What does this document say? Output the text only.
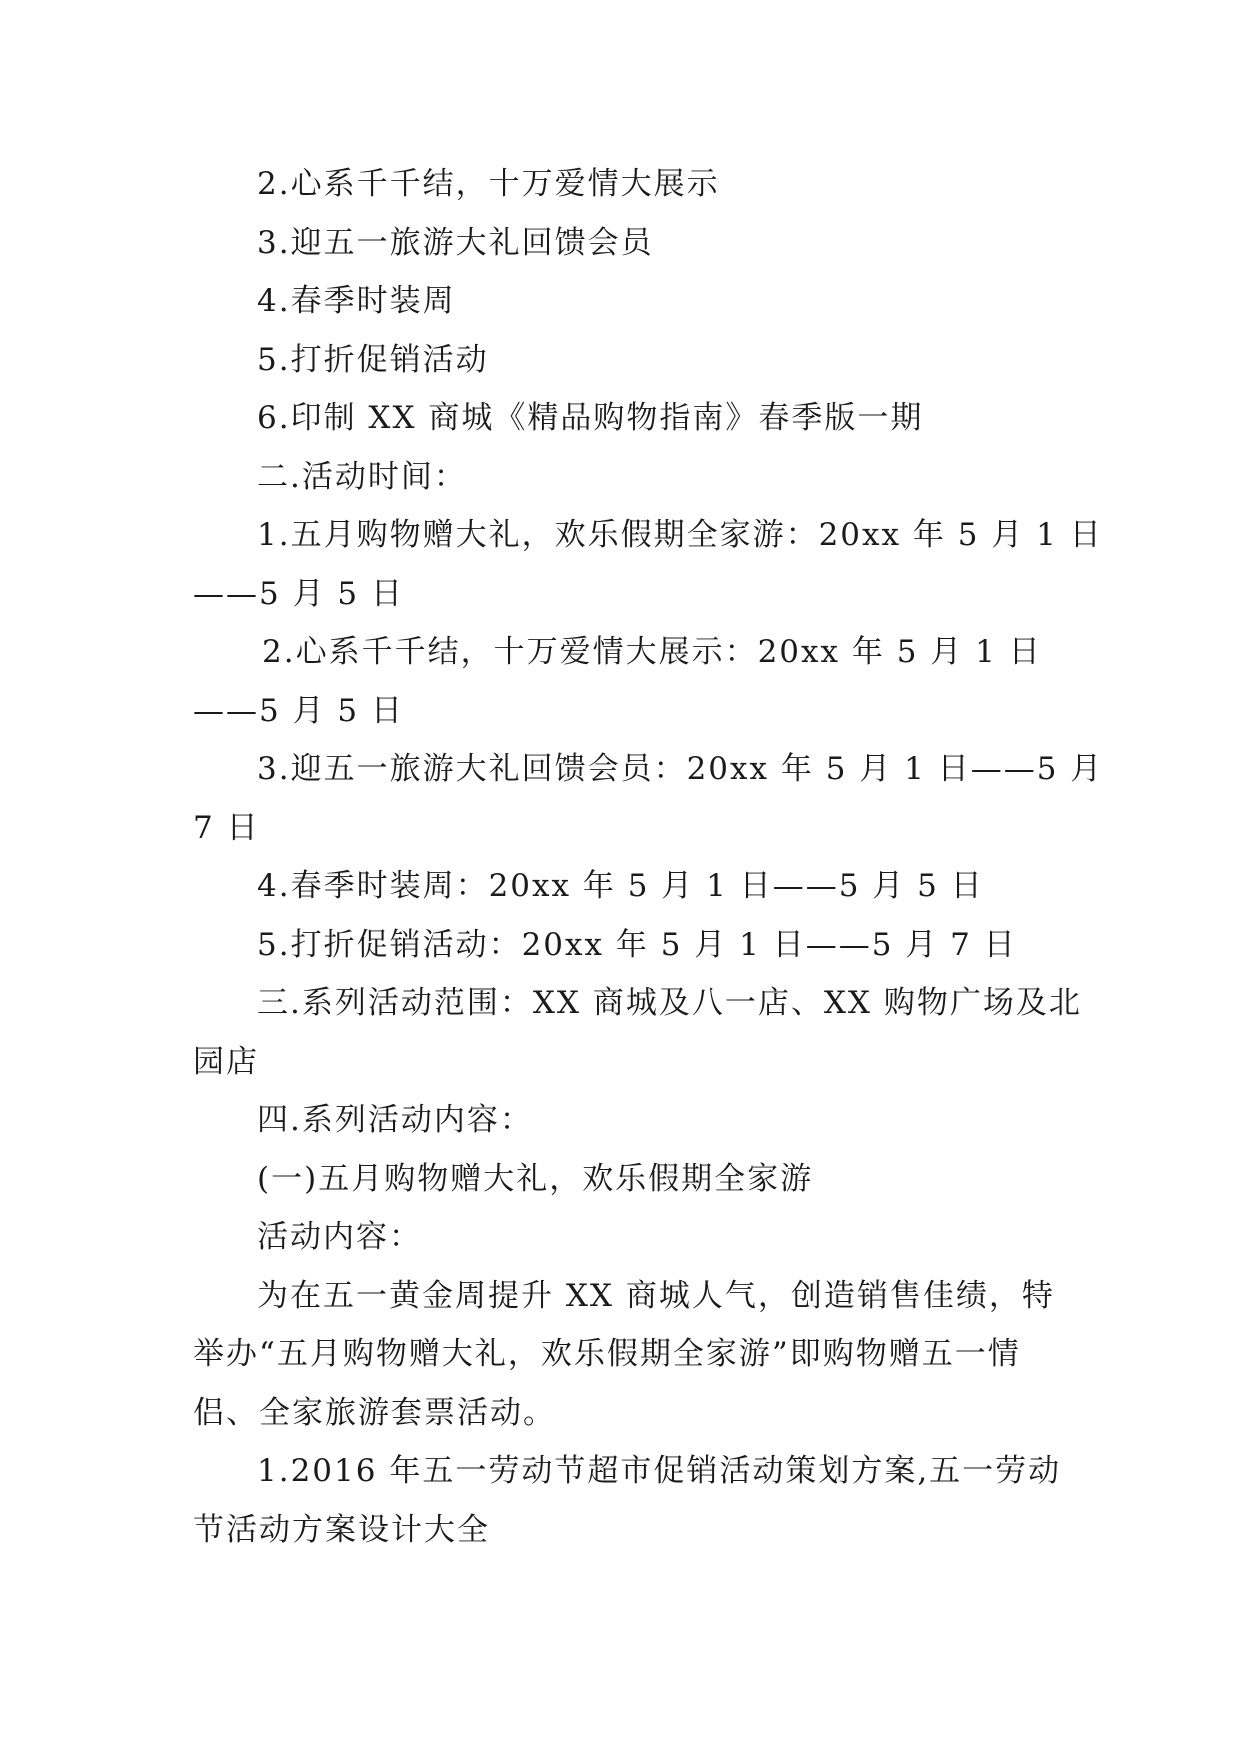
2.心系千千结，十万爱情大展示
3.迎五一旅游大礼回馈会员
4.春季时装周
5.打折促销活动
6.印制 XX 商城《精品购物指南》春季版一期
二.活动时间：
1.五月购物赠大礼，欢乐假期全家游：20xx 年 5 月 1 日
——5 月 5 日
2.心系千千结，十万爱情大展示：20xx 年 5 月 1 日
——5 月 5 日
3.迎五一旅游大礼回馈会员：20xx 年 5 月 1 日——5 月
7 日
4.春季时装周：20xx 年 5 月 1 日——5 月 5 日
5.打折促销活动：20xx 年 5 月 1 日——5 月 7 日
三.系列活动范围：XX 商城及八一店、XX 购物广场及北
园店
四.系列活动内容：
(一)五月购物赠大礼，欢乐假期全家游
活动内容：
为在五一黄金周提升 XX 商城人气，创造销售佳绩，特
举办“五月购物赠大礼，欢乐假期全家游”即购物赠五一情
侣、全家旅游套票活动。
1.2016 年五一劳动节超市促销活动策划方案,五一劳动
节活动方案设计大全
